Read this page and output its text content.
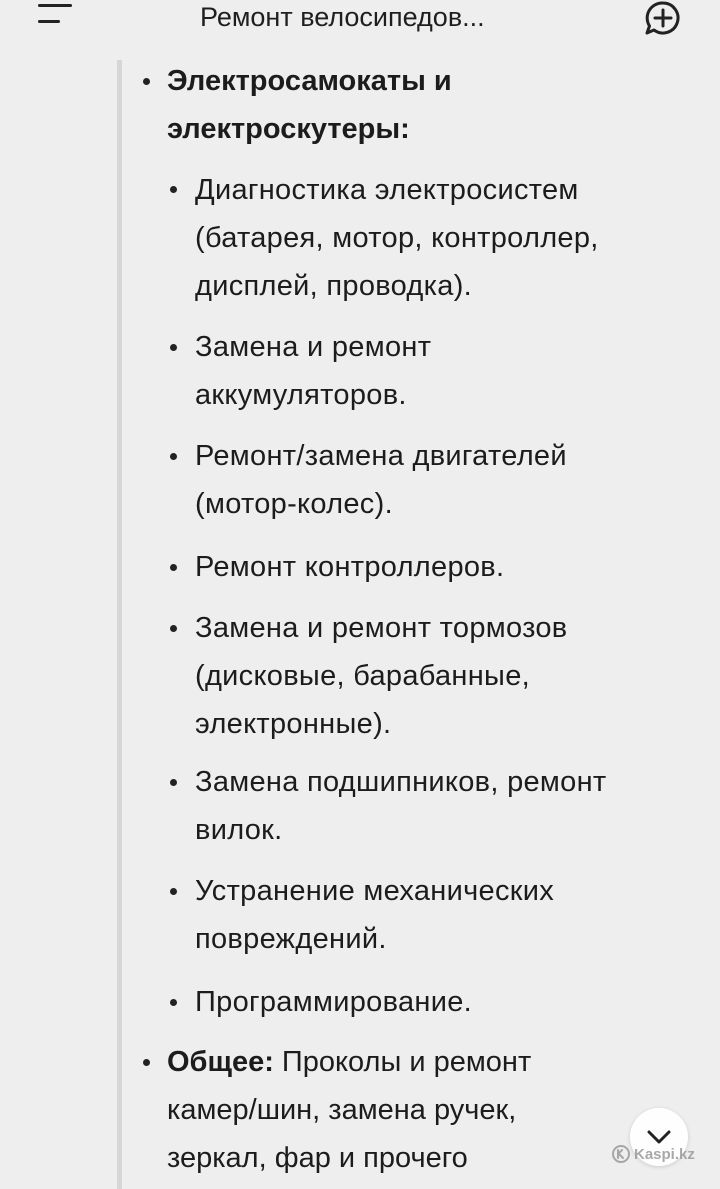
Ремонт велосипедов...

Электросамокаты и электроскутеры:

Диагностика электросистем (батарея, мотор, контроллер, дисплей, проводка).

Замена и ремонт аккумуляторов.

Ремонт/замена двигателей (мотор-колес).

Ремонт контроллеров.

Замена и ремонт тормозов (дисковые, барабанные, электронные).

Замена подшипников, ремонт вилок.

Устранение механических повреждений.

Программирование.

Общее: Проколы и ремонт камер/шин, замена ручек, зеркал, фар и прочего	Kaspi.kz
